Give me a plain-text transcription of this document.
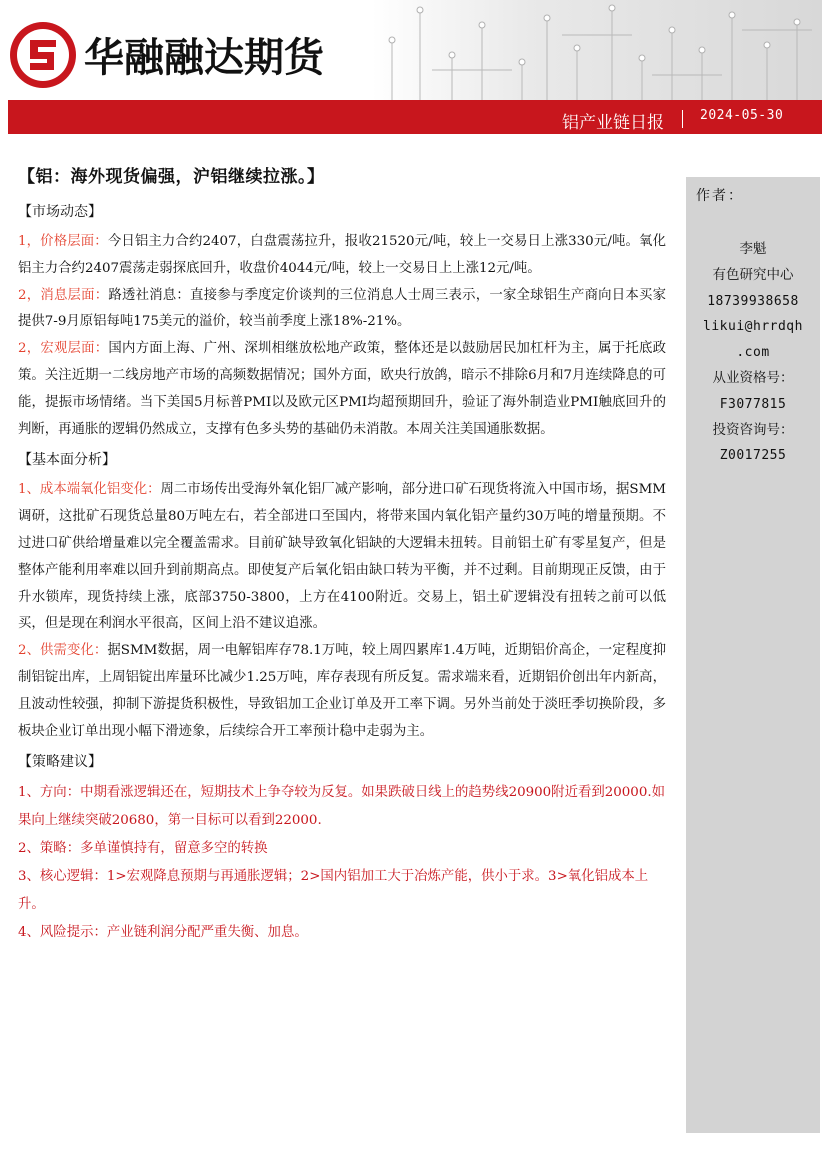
华融融达期货
铝产业链日报	2024-05-30

【铝：海外现货偏强，沪铝继续拉涨。】

【市场动态】

1，价格层面：今日铝主力合约2407，白盘震荡拉升，报收21520元/吨，较上一交易日上涨330元/吨。氧化铝主力合约2407震荡走弱探底回升，收盘价4044元/吨，较上一交易日上上涨12元/吨。

2，消息层面：路透社消息：直接参与季度定价谈判的三位消息人士周三表示，一家全球铝生产商向日本买家提供7-9月原铝每吨175美元的溢价，较当前季度上涨18%-21%。

2，宏观层面：国内方面上海、广州、深圳相继放松地产政策，整体还是以鼓励居民加杠杆为主，属于托底政策。关注近期一二线房地产市场的高频数据情况；国外方面，欧央行放鸽，暗示不排除6月和7月连续降息的可能，提振市场情绪。当下美国5月标普PMI以及欧元区PMI均超预期回升，验证了海外制造业PMI触底回升的判断，再通胀的逻辑仍然成立，支撑有色多头势的基础仍未消散。本周关注美国通胀数据。

【基本面分析】

1、成本端氧化铝变化：周二市场传出受海外氧化铝厂减产影响，部分进口矿石现货将流入中国市场，据SMM调研，这批矿石现货总量80万吨左右，若全部进口至国内，将带来国内氧化铝产量约30万吨的增量预期。不过进口矿供给增量难以完全覆盖需求。目前矿缺导致氧化铝缺的大逻辑未扭转。目前铝土矿有零星复产，但是整体产能利用率难以回升到前期高点。即使复产后氧化铝由缺口转为平衡，并不过剩。目前期现正反馈，由于升水锁库，现货持续上涨，底部3750-3800，上方在4100附近。交易上，铝土矿逻辑没有扭转之前可以低买，但是现在利润水平很高，区间上沿不建议追涨。

2、供需变化：据SMM数据，周一电解铝库存78.1万吨，较上周四累库1.4万吨，近期铝价高企，一定程度抑制铝锭出库，上周铝锭出库量环比减少1.25万吨，库存表现有所反复。需求端来看，近期铝价创出年内新高，且波动性较强，抑制下游提货积极性，导致铝加工企业订单及开工率下调。另外当前处于淡旺季切换阶段，多板块企业订单出现小幅下滑迹象，后续综合开工率预计稳中走弱为主。

【策略建议】

1、方向：中期看涨逻辑还在，短期技术上争夺较为反复。如果跌破日线上的趋势线20900附近看到20000.如果向上继续突破20680，第一目标可以看到22000.

2、策略：多单谨慎持有，留意多空的转换

3、核心逻辑：1>宏观降息预期与再通胀逻辑；2>国内铝加工大于冶炼产能，供小于求。3>氧化铝成本上升。

4、风险提示：产业链利润分配严重失衡、加息。

作者：
李魁
有色研究中心
18739938658
likui@hrrdqh
.com
从业资格号：
F3077815
投资咨询号：
Z0017255
